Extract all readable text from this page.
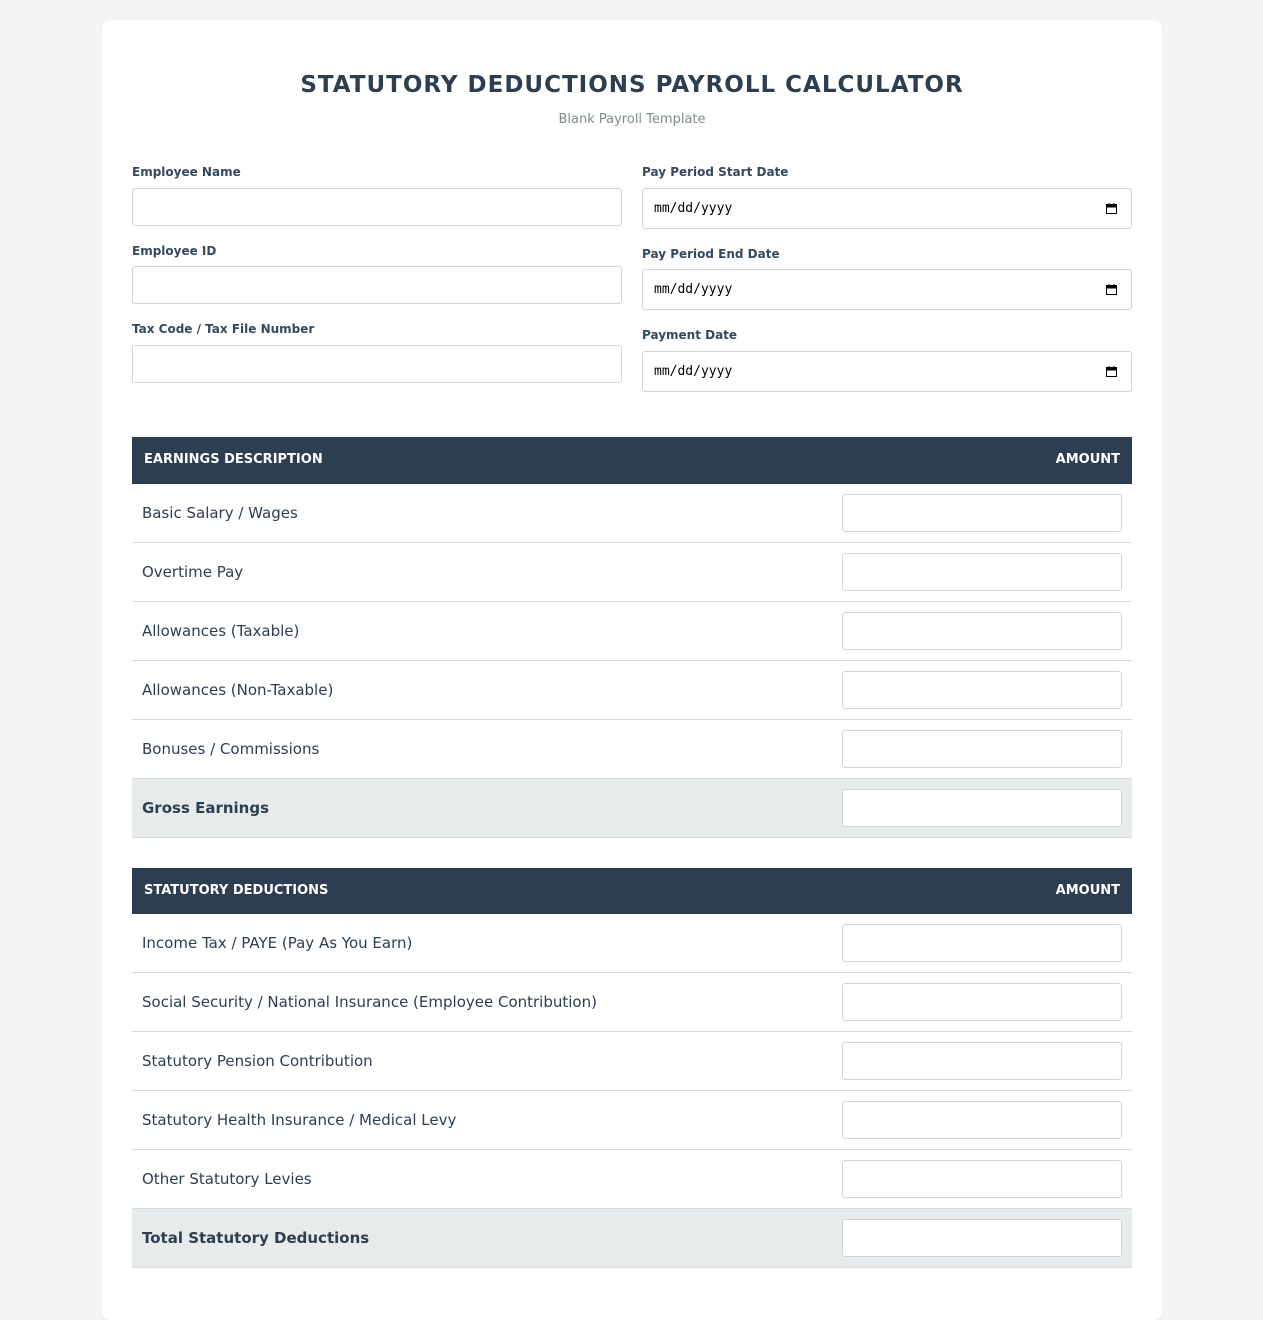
STATUTORY DEDUCTIONS PAYROLL CALCULATOR

Blank Payroll Template

Employee Name
Employee ID
Tax Code / Tax File Number
Pay Period Start Date
mm/dd/yyyy
Pay Period End Date
mm/dd/yyyy
Payment Date
mm/dd/yyyy
EARNINGS DESCRIPTION	AMOUNT
Basic Salary / Wages
Overtime Pay
Allowances (Taxable)
Allowances (Non-Taxable)
Bonuses / Commissions
Gross Earnings
STATUTORY DEDUCTIONS	AMOUNT
Income Tax / PAYE (Pay As You Earn)
Social Security / National Insurance (Employee Contribution)
Statutory Pension Contribution
Statutory Health Insurance / Medical Levy
Other Statutory Levies
Total Statutory Deductions
